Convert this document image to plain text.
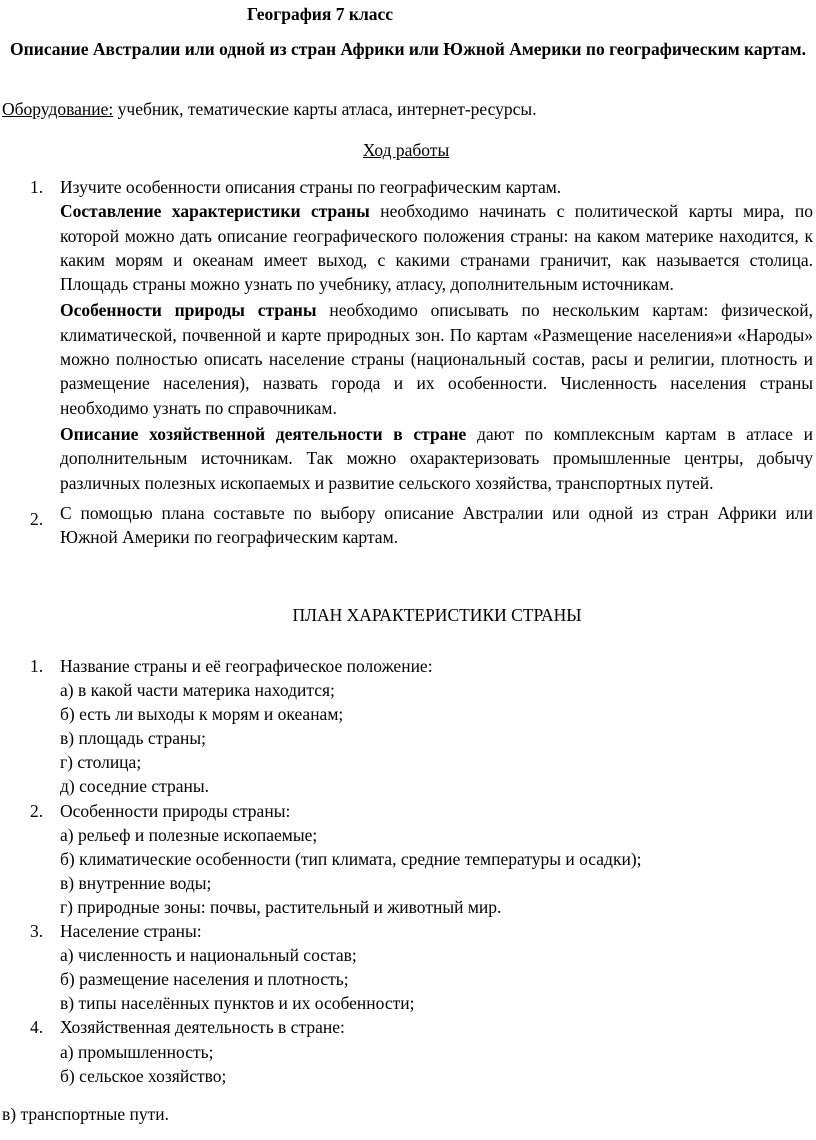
География 7 класс
Описание Австралии или одной из стран Африки или Южной Америки по географическим картам.
Оборудование: учебник, тематические карты атласа, интернет-ресурсы.
Ход работы
1. Изучите особенности описания страны по географическим картам.

Составление характеристики страны необходимо начинать с политической карты мира, по которой можно дать описание географического положения страны: на каком материке находится, к каким морям и океанам имеет выход, с какими странами граничит, как называется столица. Площадь страны можно узнать по учебнику, атласу, дополнительным источникам.

Особенности природы страны необходимо описывать по нескольким картам: физической, климатической, почвенной и карте природных зон. По картам «Размещение населения»и «Народы» можно полностью описать население страны (национальный состав, расы и религии, плотность и размещение населения), назвать города и их особенности. Численность населения страны необходимо узнать по справочникам.

Описание хозяйственной деятельности в стране дают по комплексным картам в атласе и дополнительным источникам. Так можно охарактеризовать промышленные центры, добычу различных полезных ископаемых и развитие сельского хозяйства, транспортных путей.

2. С помощью плана составьте по выбору описание Австралии или одной из стран Африки или Южной Америки по географическим картам.

ПЛАН ХАРАКТЕРИСТИКИ СТРАНЫ
1. Название страны и её географическое положение:
а) в какой части материка находится;
б) есть ли выходы к морям и океанам;
в) площадь страны;
г) столица;
д) соседние страны.
2. Особенности природы страны:
а) рельеф и полезные ископаемые;
б) климатические особенности (тип климата, средние температуры и осадки);
в) внутренние воды;
г) природные зоны: почвы, растительный и животный мир.
3. Население страны:
а) численность и национальный состав;
б) размещение населения и плотность;
в) типы населённых пунктов и их особенности;
4. Хозяйственная деятельность в стране:
а) промышленность;
б) сельское хозяйство;
в) транспортные пути.
